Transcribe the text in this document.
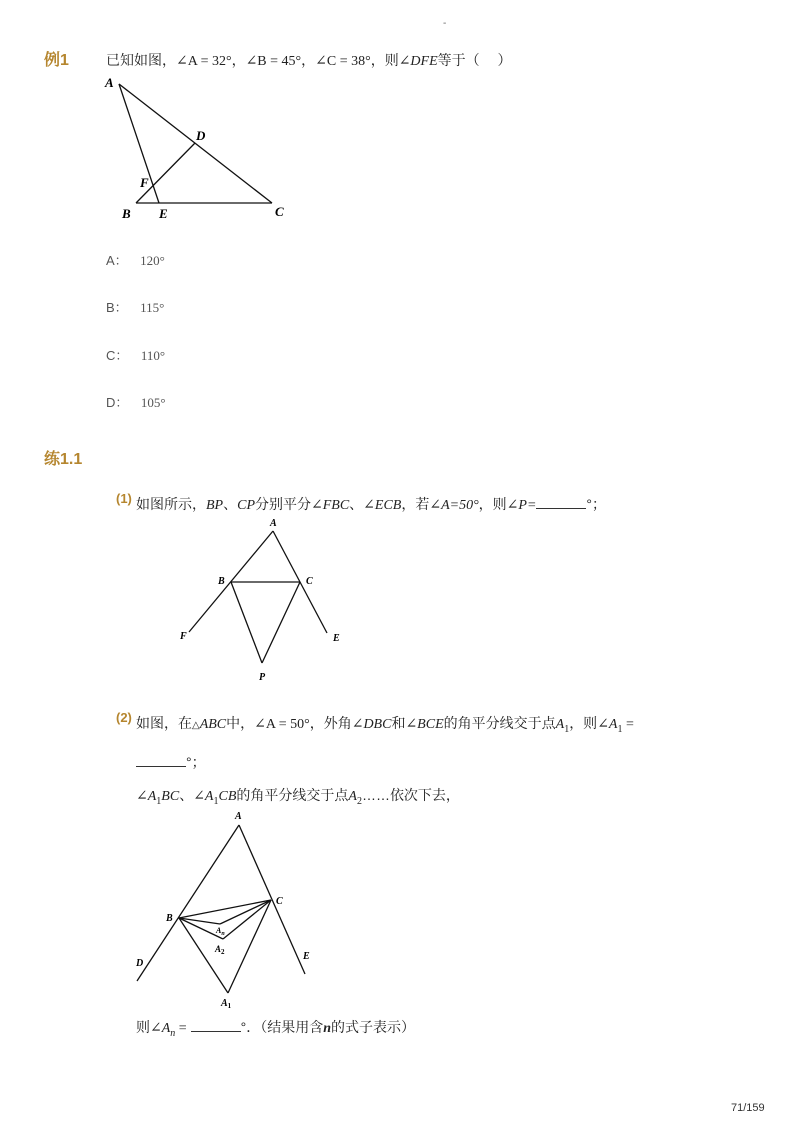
-
例1	已知如图，∠A = 32°，∠B = 45°，∠C = 38°，则∠DFE等于（　 ）
A
D
F
B E	C
A： 120°
B： 115°
C： 110°
D： 105°
练1.1
(1) 如图所示，BP、CP分别平分∠FBC、∠ECB，若∠A=50°，则∠P=	°；
A
B	C
F	E
P
(2) 如图，在△ABC中，∠A = 50°，外角∠DBC和∠BCE的角平分线交于点$A_1$，则$\angle A_1$ =
°；
$\angle A_1BC$、$\angle A_1CB$的角平分线交于点$A_2\dots\dots$依次下去，
A
B
C
D
E
$A_n$
$A_2$
$A_1$
则$\angle A_n$ =	°．（结果用含n的式子表示）
71/159
